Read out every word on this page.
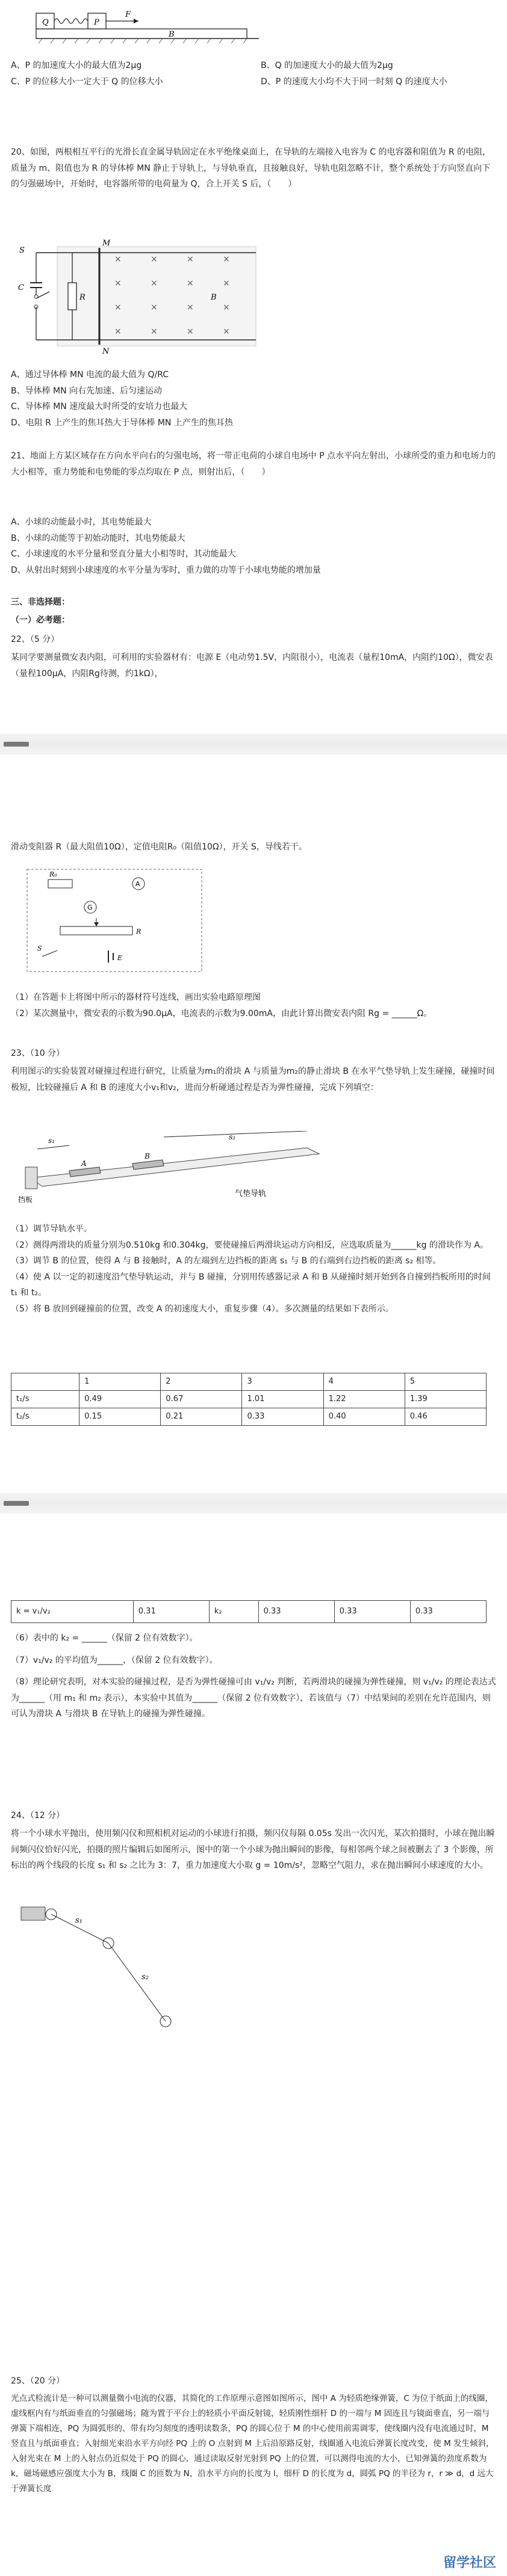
Q	P
F
B
A、P 的加速度大小的最大值为2μg	B、Q 的加速度大小的最大值为2μg
C、P 的位移大小一定大于 Q 的位移大小	D、P 的速度大小均不大于同一时刻 Q 的速度大小
20、如图，两根相互平行的光滑长直金属导轨固定在水平绝缘桌面上，在导轨的左端接入电容为 C 的电容器和阻值为 R 的电阻，质量为 m、阻值也为 R 的导体棒 MN 静止于导轨上，与导轨垂直，且接触良好，导轨电阻忽略不计，整个系统处于方向竖直向下的匀强磁场中，开始时，电容器所带的电荷量为 Q，合上开关 S 后，（　　）
×	×	×	×
×	×	×	×
×	×	×	×
×	×	×	×
S
C
R
M
N
B
A、通过导体棒 MN 电流的最大值为 Q/RC
B、导体棒 MN 向右先加速、后匀速运动
C、导体棒 MN 速度最大时所受的安培力也最大
D、电阻 R 上产生的焦耳热大于导体棒 MN 上产生的焦耳热
21、地面上方某区域存在方向水平向右的匀强电场，将一带正电荷的小球自电场中 P 点水平向左射出，小球所受的重力和电场力的大小相等，重力势能和电势能的零点均取在 P 点，则射出后，（　　）
A、小球的动能最小时，其电势能最大
B、小球的动能等于初始动能时，其电势能最大
C、小球速度的水平分量和竖直分量大小相等时，其动能最大
D、从射出时刻到小球速度的水平分量为零时，重力做的功等于小球电势能的增加量
三、非选择题：
（一）必考题：
22、（5 分）
某同学要测量微安表内阻，可利用的实验器材有：电源 E（电动势1.5V，内阻很小），电流表（量程10mA，内阻约10Ω），微安表（量程100μA，内阻Rg待测，约1kΩ），
滑动变阻器 R（最大阻值10Ω），定值电阻R₀（阻值10Ω），开关 S，导线若干。
R₀
A
G
R
S
E
（1）在答题卡上将图中所示的器材符号连线，画出实验电路原理图
（2）某次测量中，微安表的示数为90.0μA，电流表的示数为9.00mA，由此计算出微安表内阻 Rg = ______Ω。
23、（10 分）
利用图示的实验装置对碰撞过程进行研究，让质量为m₁的滑块 A 与质量为m₂的静止滑块 B 在水平气垫导轨上发生碰撞，碰撞时间极短，比较碰撞后 A 和 B 的速度大小v₁和v₂，进而分析碰通过程是否为弹性碰撞，完成下列填空：
挡板
A
B
s₁	s₂
气垫导轨
（1）调节导轨水平。
（2）测得两滑块的质量分别为0.510kg 和0.304kg，要使碰撞后两滑块运动方向相反，应选取质量为______kg 的滑块作为 A。
（3）调节 B 的位置，使得 A 与 B 接触时，A 的左端到左边挡板的距离 s₁ 与 B 的右端到右边挡板的距离 s₂ 相等。
（4）使 A 以一定的初速度沿气垫导轨运动，并与 B 碰撞，分别用传感器记录 A 和 B 从碰撞时刻开始到各自撞到挡板所用的时间 t₁ 和 t₂。
（5）将 B 放回到碰撞前的位置，改变 A 的初速度大小，重复步骤（4）。多次测量的结果如下表所示。
	1	2	3	4	5
t₁/s	0.49	0.67	1.01	1.22	1.39
t₂/s	0.15	0.21	0.33	0.40	0.46
k = v₁/v₂	0.31	k₂	0.33	0.33	0.33
（6）表中的 k₂ = ______（保留 2 位有效数字）。
（7）v₁/v₂ 的平均值为______，（保留 2 位有效数字）。
（8）理论研究表明，对本实验的碰撞过程，是否为弹性碰撞可由 v₁/v₂ 判断，若两滑块的碰撞为弹性碰撞，则 v₁/v₂ 的理论表达式为______（用 m₁ 和 m₂ 表示），本实验中其值为______（保留 2 位有效数字），若该值与（7）中结果间的差别在允许范围内，则可认为滑块 A 与滑块 B 在导轨上的碰撞为弹性碰撞。
24、（12 分）
将一个小球水平抛出，使用频闪仪和照相机对运动的小球进行拍摄，频闪仪每隔 0.05s 发出一次闪光，某次拍摄时，小球在抛出瞬间频闪仪恰好闪光，拍摄的照片编辑后如图所示，图中的第一个小球为抛出瞬间的影像，每相邻两个球之间被删去了 3 个影像，所标出的两个线段的长度 s₁ 和 s₂ 之比为 3：7，重力加速度大小取 g = 10m/s²，忽略空气阻力，求在抛出瞬间小球速度的大小。
s₁
s₂
25、（20 分）
光点式检流计是一种可以测量微小电流的仪器，其简化的工作原理示意图如图所示，图中 A 为轻质绝缘弹簧，C 为位于纸面上的线圈，虚线框内有与纸面垂直的匀强磁场；随为置于平台上的轻质小平面反射镜，轻质刚性细杆 D 的一端与 M 固连且与镜面垂直，另一端与弹簧下端相连，PQ 为圆弧形的、带有均匀刻度的透明读数条，PQ 的圆心位于 M 的中心使用前需调零，使线圈内没有电流通过时，M 竖直且与纸面垂直；入射细光束沿水平方向经 PQ 上的 O 点射到 M 上后沿原路反射，线圈通入电流后弹簧长度改变，使 M 发生倾斜，入射光束在 M 上的入射点仍近似处于 PQ 的圆心，通过读取反射光射到 PQ 上的位置，可以测得电流的大小，已知弹簧的劲度系数为 k，磁场磁感应强度大小为 B，线圈 C 的匝数为 N，沿水平方向的长度为 l，细杆 D 的长度为 d，圆弧 PQ 的半径为 r，r ≫ d，d 远大于弹簧长度
留学社区
